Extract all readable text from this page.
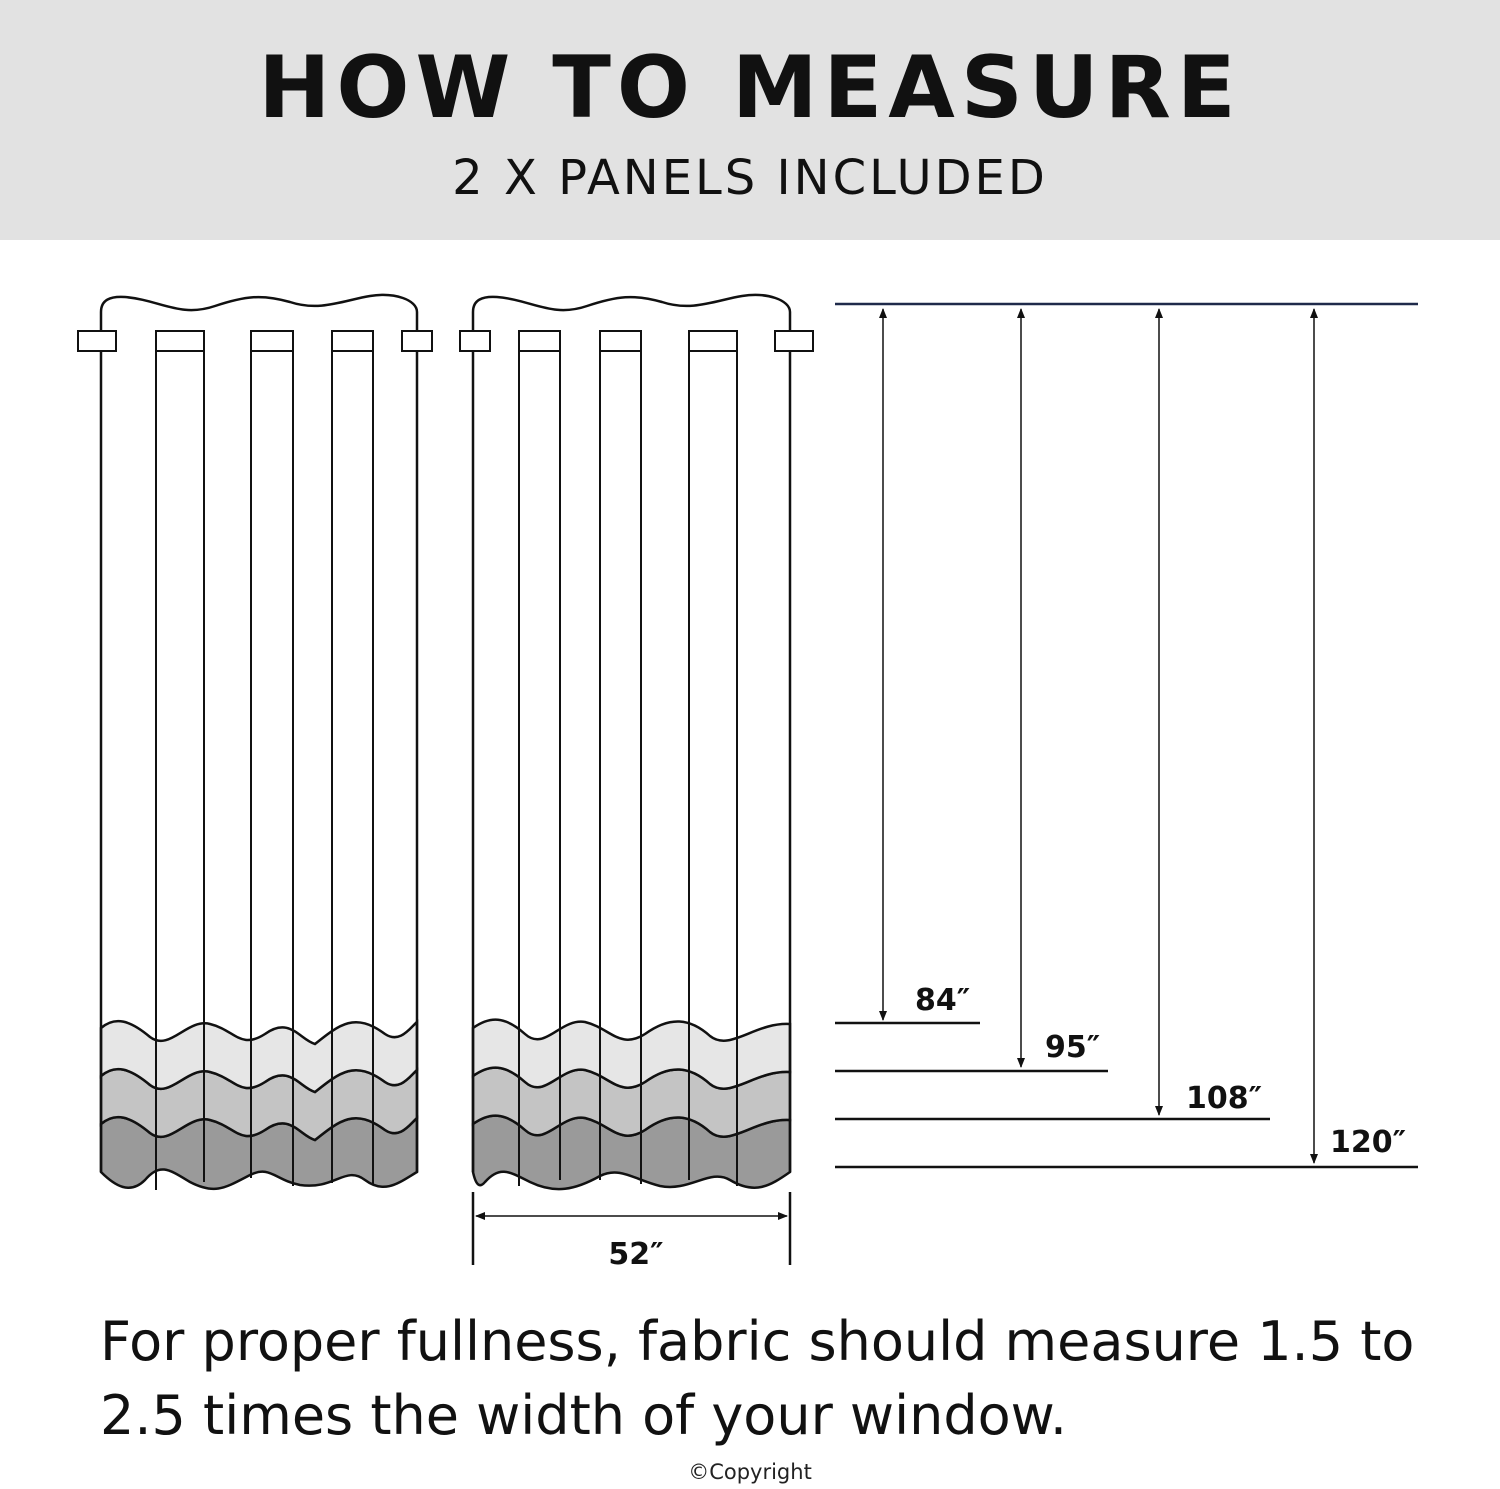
HOW TO MEASURE
2 X PANELS INCLUDED
52″
84″
95″
108″
120″
For proper fullness, fabric should measure 1.5 to 2.5 times the width of your window.
©Copyright
